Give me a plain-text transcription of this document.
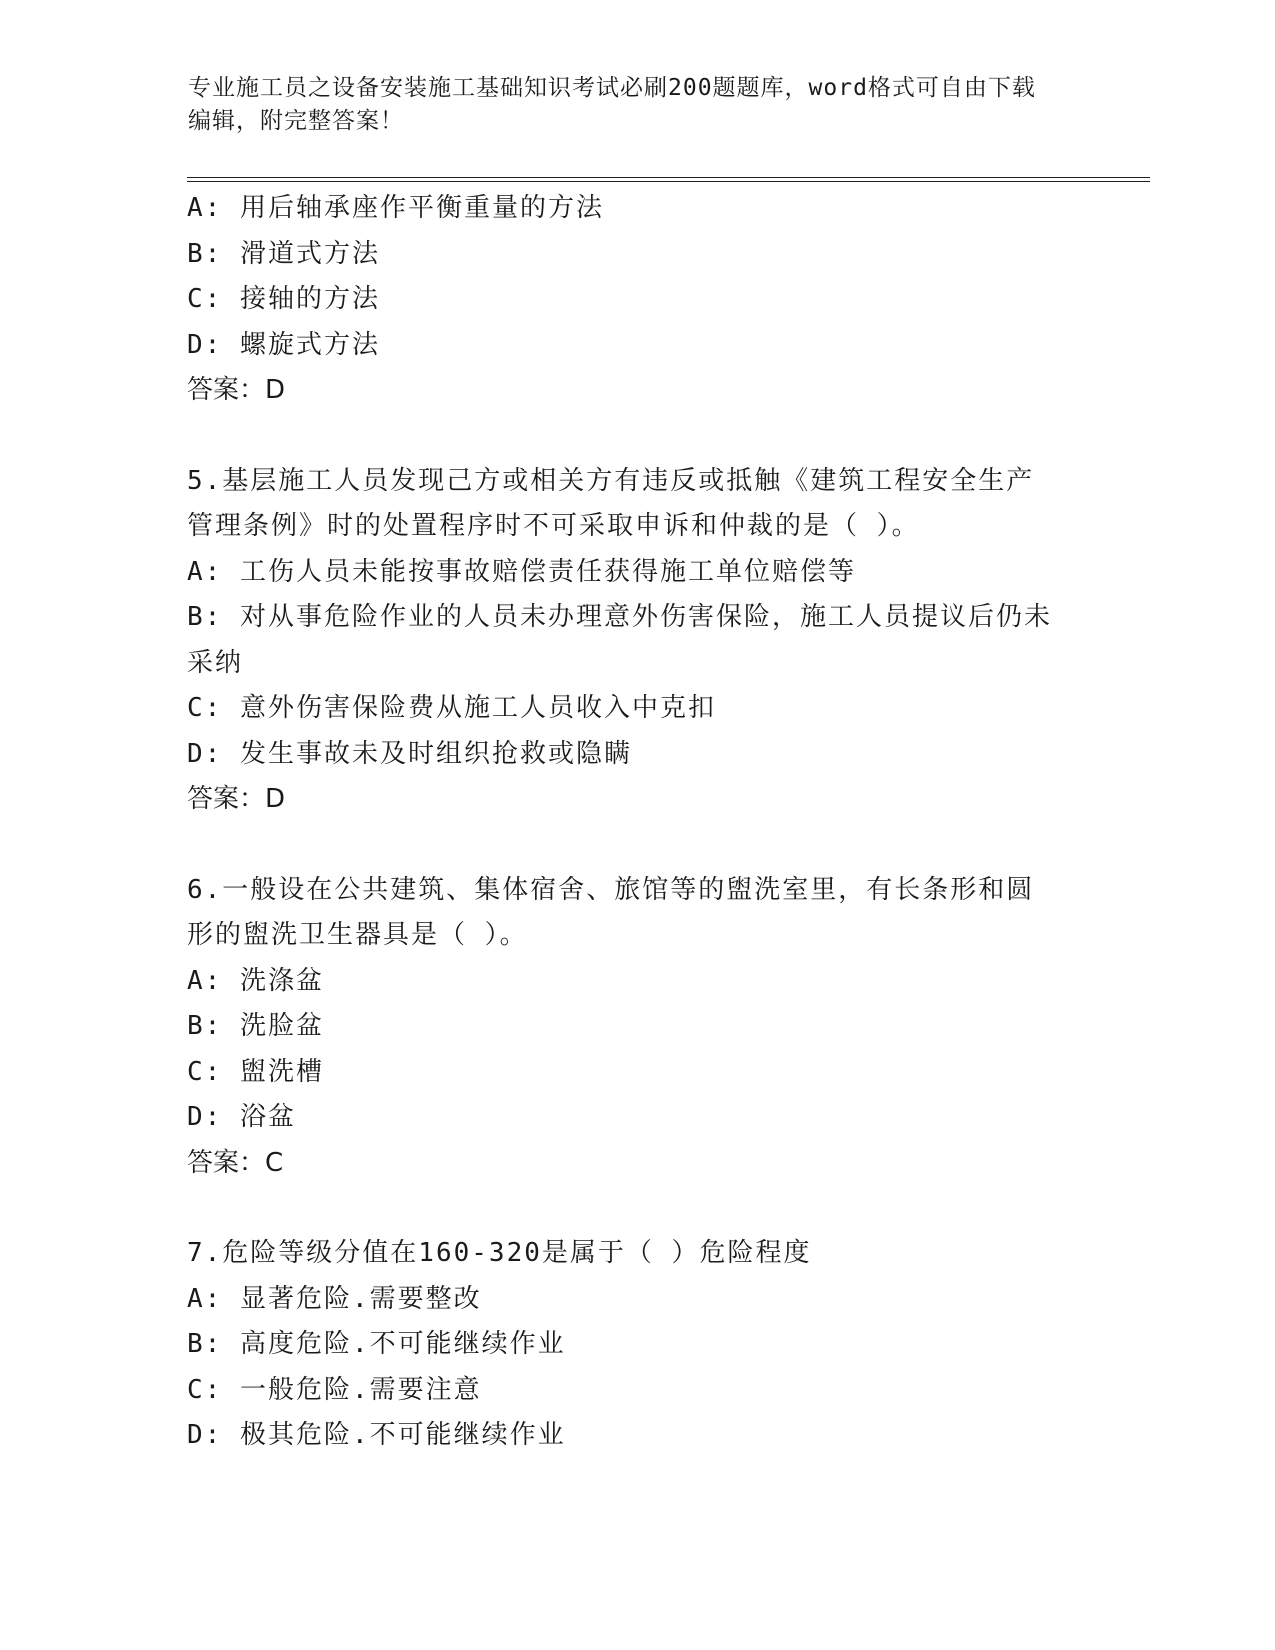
专业施工员之设备安装施工基础知识考试必刷200题题库，word格式可自由下载
编辑，附完整答案！
A: 用后轴承座作平衡重量的方法
B: 滑道式方法
C: 接轴的方法
D: 螺旋式方法
答案：D
5.基层施工人员发现己方或相关方有违反或抵触《建筑工程安全生产
管理条例》时的处置程序时不可采取申诉和仲裁的是（ ）。
A: 工伤人员未能按事故赔偿责任获得施工单位赔偿等
B: 对从事危险作业的人员未办理意外伤害保险，施工人员提议后仍未
采纳
C: 意外伤害保险费从施工人员收入中克扣
D: 发生事故未及时组织抢救或隐瞒
答案：D
6.一般设在公共建筑、集体宿舍、旅馆等的盥洗室里，有长条形和圆
形的盥洗卫生器具是（ ）。
A: 洗涤盆
B: 洗脸盆
C: 盥洗槽
D: 浴盆
答案：C
7.危险等级分值在160-320是属于（ ）危险程度
A: 显著危险.需要整改
B: 高度危险.不可能继续作业
C: 一般危险.需要注意
D: 极其危险.不可能继续作业
